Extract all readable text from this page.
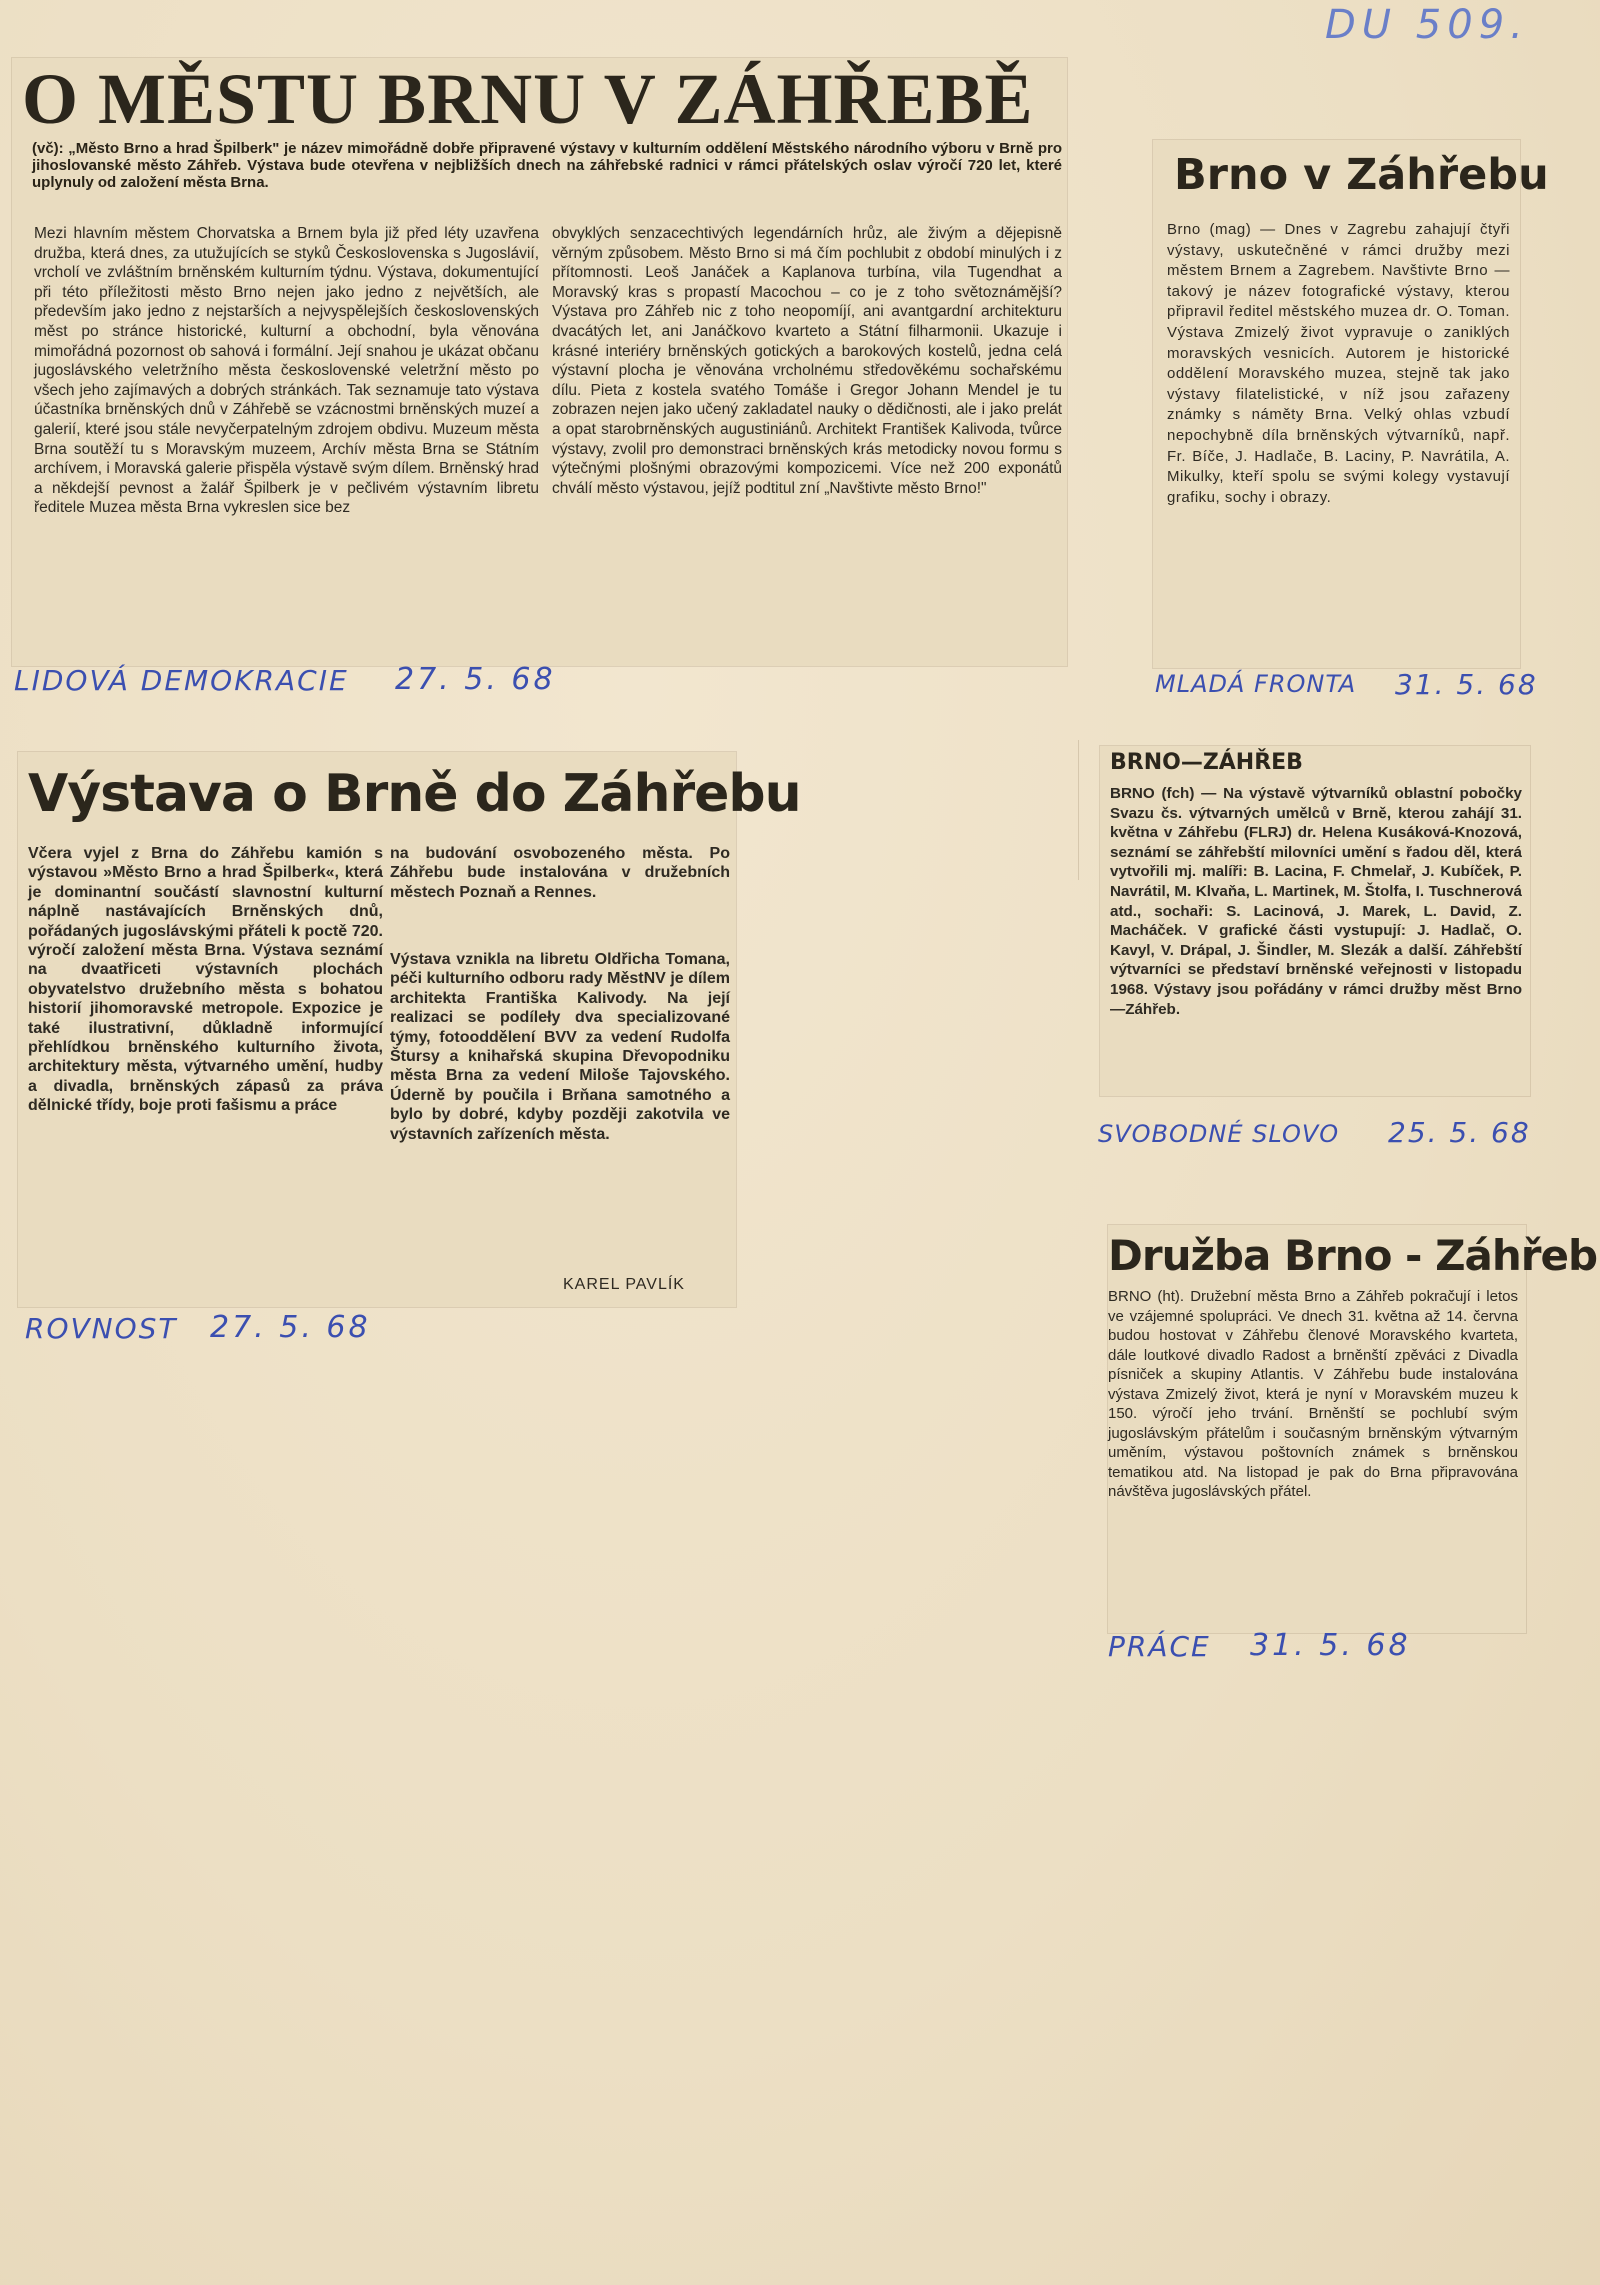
DU 509.
O MĚSTU BRNU V ZÁHŘEBĚ
(vč): „Město Brno a hrad Špilberk" je název mimořádně dobře připravené výstavy v kulturním oddělení Městského národního výboru v Brně pro jihoslovanské město Záhřeb. Výstava bude otevřena v nejbližších dnech na záhřebské radnici v rámci přátelských oslav výročí 720 let, které uplynuly od založení města Brna.
Mezi hlavním městem Chorvatska a Brnem byla již před léty uzavřena družba, která dnes, za utužujících se styků Československa s Jugoslávií, vrcholí ve zvláštním brněnském kulturním týdnu. Výstava, dokumentující při této příležitosti město Brno nejen jako jedno z největších, ale především jako jedno z nejstarších a nejvyspělejších československých měst po stránce historické, kulturní a obchodní, byla věnována mimořádná pozornost ob sahová i formální. Její snahou je ukázat občanu jugoslávského veletržního města československé veletržní město po všech jeho zajímavých a dobrých stránkách. Tak seznamuje tato výstava účastníka brněnských dnů v Záhřebě se vzácnostmi brněnských muzeí a galerií, které jsou stále nevyčerpatelným zdrojem obdivu. Muzeum města Brna soutěží tu s Moravským muzeem, Archív města Brna se Státním archívem, i Moravská galerie přispěla výstavě svým dílem. Brněnský hrad a někdejší pevnost a žalář Špilberk je v pečlivém výstavním libretu ředitele Muzea města Brna vykreslen sice bez
obvyklých senzacechtivých legendárních hrůz, ale živým a dějepisně věrným způsobem. Město Brno si má čím pochlubit z období minulých i z přítomnosti. Leoš Janáček a Kaplanova turbína, vila Tugendhat a Moravský kras s propastí Macochou – co je z toho světoznámější? Výstava pro Záhřeb nic z toho neopomíjí, ani avantgardní architekturu dvacátých let, ani Janáčkovo kvarteto a Státní filharmonii. Ukazuje i krásné interiéry brněnských gotických a barokových kostelů, jedna celá výstavní plocha je věnována vrcholnému středověkému sochařskému dílu. Pieta z kostela svatého Tomáše i Gregor Johann Mendel je tu zobrazen nejen jako učený zakladatel nauky o dědičnosti, ale i jako prelát a opat starobrněnských augustiniánů. Architekt František Kalivoda, tvůrce výstavy, zvolil pro demonstraci brněnských krás metodicky novou formu s výtečnými plošnými obrazovými kompozicemi. Více než 200 exponátů chválí město výstavou, jejíž podtitul zní „Navštivte město Brno!"
LIDOVÁ DEMOKRACIE 27. 5. 68
Brno v Záhřebu
Brno (mag) — Dnes v Zagrebu zahajují čtyři výstavy, uskutečněné v rámci družby mezi městem Brnem a Zagrebem. Navštivte Brno — takový je název fotografické výstavy, kterou připravil ředitel městského muzea dr. O. Toman. Výstava Zmizelý život vypravuje o zaniklých moravských vesnicích. Autorem je historické oddělení Moravského muzea, stejně tak jako výstavy filatelistické, v níž jsou zařazeny známky s náměty Brna. Velký ohlas vzbudí nepochybně díla brněnských výtvarníků, např. Fr. Bíče, J. Hadlače, B. Laciny, P. Navrátila, A. Mikulky, kteří spolu se svými kolegy vystavují grafiku, sochy i obrazy.
MLADÁ FRONTA 31. 5. 68
Výstava o Brně do Záhřebu
Včera vyjel z Brna do Záhřebu kamión s výstavou »Město Brno a hrad Špilberk«, která je dominantní součástí slavnostní kulturní náplně nastávajících Brněnských dnů, pořádaných jugoslávskými přáteli k poctě 720. výročí založení města Brna. Výstava seznámí na dvaatřiceti výstavních plochách obyvatelstvo družebního města s bohatou historií jihomoravské metropole. Expozice je také ilustrativní, důkladně informující přehlídkou brněnského kulturního života, architektury města, výtvarného umění, hudby a divadla, brněnských zápasů za práva dělnické třídy, boje proti fašismu a práce
na budování osvobozeného města. Po Záhřebu bude instalována v družebních městech Poznaň a Rennes.
Výstava vznikla na libretu Oldřicha Tomana, péči kulturního odboru rady MěstNV je dílem architekta Františka Kalivody. Na její realizaci se podíleły dva specializované týmy, fotooddělení BVV za vedení Rudolfa Štursy a knihařská skupina Dřevopodniku města Brna za vedení Miloše Tajovského. Úderně by poučila i Brňana samotného a bylo by dobré, kdyby později zakotvila ve výstavních zařízeních města.
KAREL PAVLÍK
ROVNOST 27. 5. 68
BRNO—ZÁHŘEB
BRNO (fch) — Na výstavě výtvarníků oblastní pobočky Svazu čs. výtvarných umělců v Brně, kterou zahájí 31. května v Záhřebu (FLRJ) dr. Helena Kusáková-Knozová, seznámí se záhřebští milovníci umění s řadou děl, která vytvořili mj. malíři: B. Lacina, F. Chmelař, J. Kubíček, P. Navrátil, M. Klvaňa, L. Martinek, M. Štolfa, I. Tuschnerová atd., sochaři: S. Lacinová, J. Marek, L. David, Z. Macháček. V grafické části vystupují: J. Hadlač, O. Kavyl, V. Drápal, J. Šindler, M. Slezák a další. Záhřebští výtvarníci se představí brněnské veřejnosti v listopadu 1968. Výstavy jsou pořádány v rámci družby měst Brno—Záhřeb.
SVOBODNÉ SLOVO 25. 5. 68
Družba Brno - Záhřeb
BRNO (ht). Družební města Brno a Záhřeb pokračují i letos ve vzájemné spolupráci. Ve dnech 31. května až 14. června budou hostovat v Záhřebu členové Moravského kvarteta, dále loutkové divadlo Radost a brněnští zpěváci z Divadla písniček a skupiny Atlantis. V Záhřebu bude instalována výstava Zmizelý život, která je nyní v Moravském muzeu k 150. výročí jeho trvání. Brněnští se pochlubí svým jugoslávským přátelům i současným brněnským výtvarným uměním, výstavou poštovních známek s brněnskou tematikou atd. Na listopad je pak do Brna připravována návštěva jugoslávských přátel.
PRÁCE 31. 5. 68
